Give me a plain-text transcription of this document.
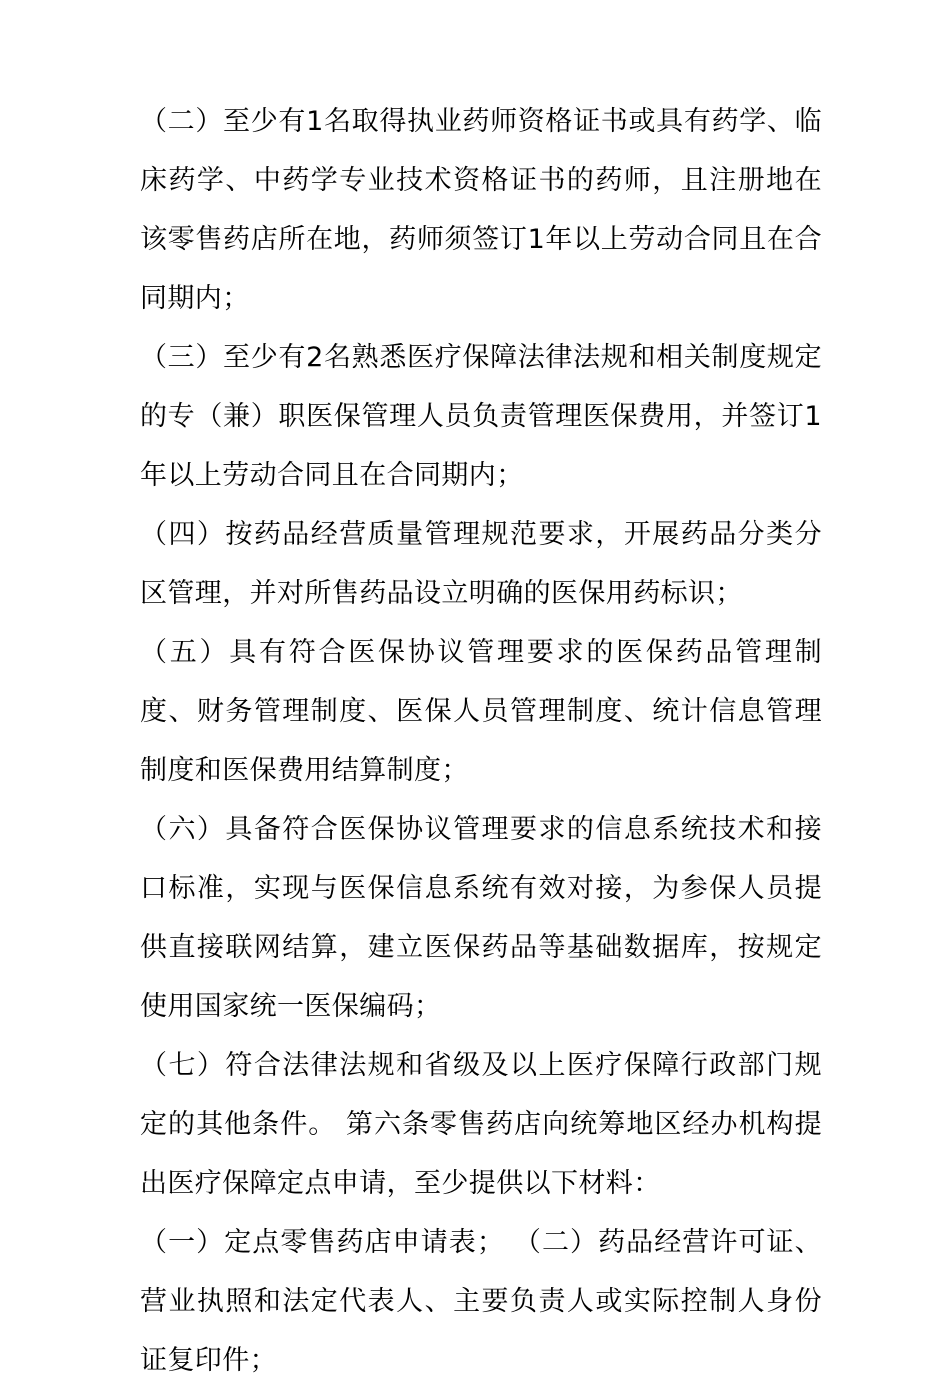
（二）至少有1名取得执业药师资格证书或具有药学、临床药学、中药学专业技术资格证书的药师，且注册地在该零售药店所在地，药师须签订1年以上劳动合同且在合同期内；

（三）至少有2名熟悉医疗保障法律法规和相关制度规定的专（兼）职医保管理人员负责管理医保费用，并签订1年以上劳动合同且在合同期内；

（四）按药品经营质量管理规范要求，开展药品分类分区管理，并对所售药品设立明确的医保用药标识；

（五）具有符合医保协议管理要求的医保药品管理制度、财务管理制度、医保人员管理制度、统计信息管理制度和医保费用结算制度；

（六）具备符合医保协议管理要求的信息系统技术和接口标准，实现与医保信息系统有效对接，为参保人员提供直接联网结算，建立医保药品等基础数据库，按规定使用国家统一医保编码；

（七）符合法律法规和省级及以上医疗保障行政部门规定的其他条件。 第六条零售药店向统筹地区经办机构提出医疗保障定点申请，至少提供以下材料：

（一）定点零售药店申请表； （二）药品经营许可证、营业执照和法定代表人、主要负责人或实际控制人身份证复印件；
